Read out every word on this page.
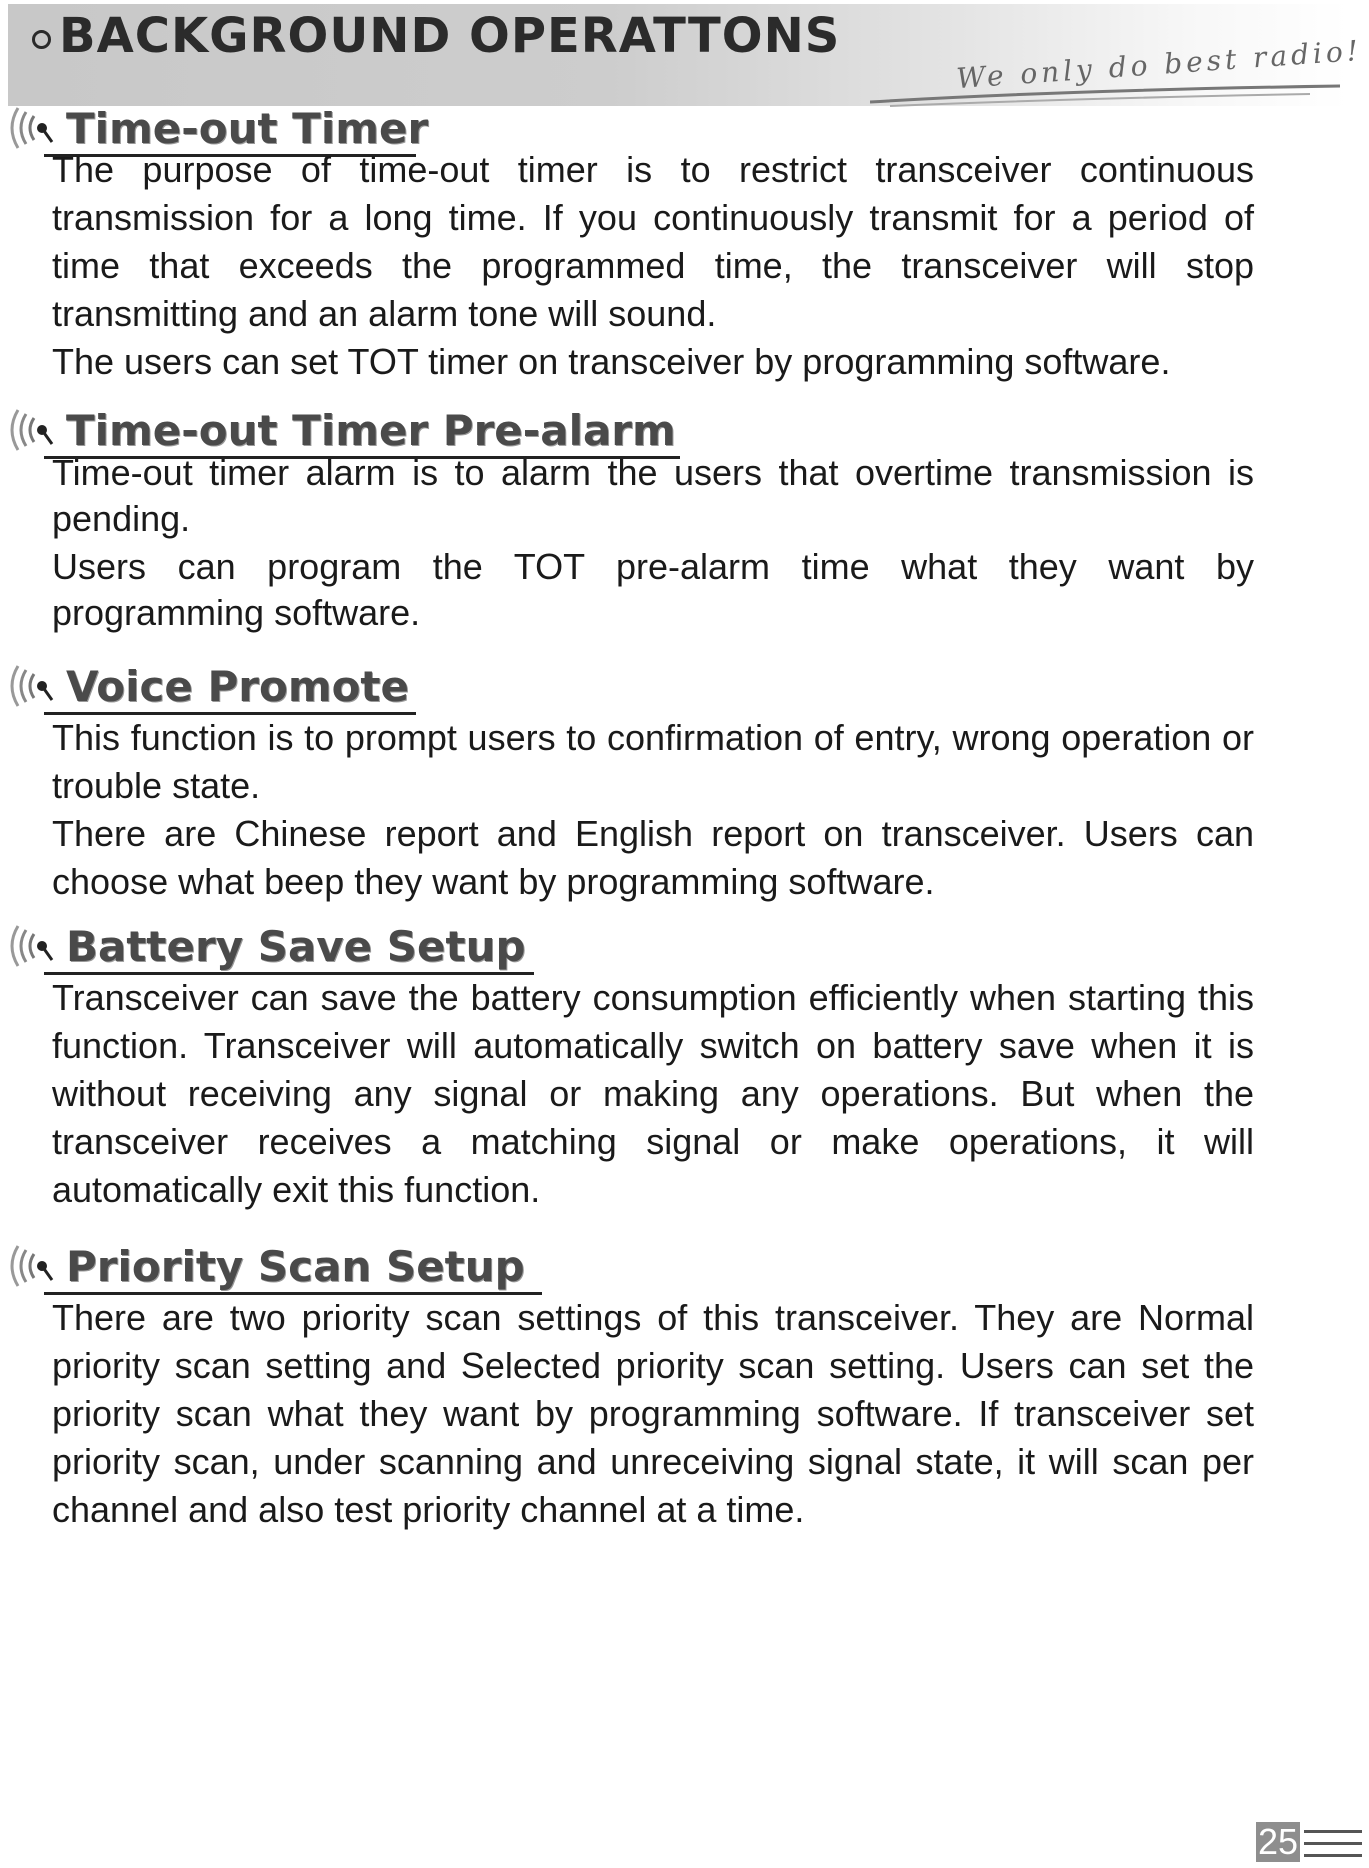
BACKGROUND OPERATTONS	We only do best radio!
Time-out Timer

The purpose of time-out timer is to restrict transceiver continuous transmission for a long time. If you continuously transmit for a period of time that exceeds the programmed time, the transceiver will stop transmitting and an alarm tone will sound.

The users can set TOT timer on transceiver by programming software.

Time-out Timer Pre-alarm

Time-out timer alarm is to alarm the users that overtime transmission is pending.

Users can program the TOT pre-alarm time what they want by programming software.

Voice Promote

This function is to prompt users to confirmation of entry, wrong operation or trouble state.

There are Chinese report and English report on transceiver. Users can choose what beep they want by programming software.

Battery Save Setup

Transceiver can save the battery consumption efficiently when starting this function. Transceiver will automatically switch on battery save when it is without receiving any signal or making any operations. But when the transceiver receives a matching signal or make operations, it will automatically exit this function.

Priority Scan Setup

There are two priority scan settings of this transceiver. They are Normal priority scan setting and Selected priority scan setting. Users can set the priority scan what they want by programming software. If transceiver set priority scan, under scanning and unreceiving signal state, it will scan per channel and also test priority channel at a time.

25
